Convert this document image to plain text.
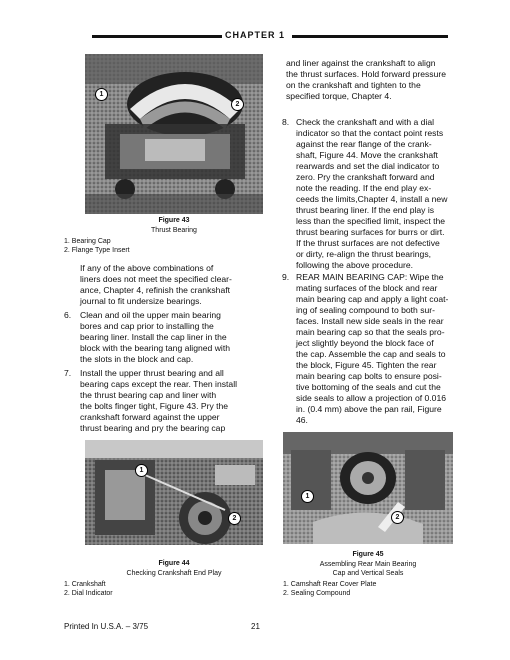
CHAPTER 1
1
2
Figure 43
Thrust Bearing
1. Bearing Cap
2. Flange Type Insert
If any of the above combinations of
liners does not meet the specified clear-
ance, Chapter 4, refinish the crankshaft
journal to fit undersize bearings.
6. Clean and oil the upper main bearing
bores and cap prior to installing the
bearing liner. Install the cap liner in the
block with the bearing tang aligned with
the slots in the block and cap.
7. Install the upper thrust bearing and all
bearing caps except the rear. Then install
the thrust bearing cap and liner with
the bolts finger tight, Figure 43. Pry the
crankshaft forward against the upper
thrust bearing and pry the bearing cap
and liner against the crankshaft to align
the thrust surfaces. Hold forward pressure
on the crankshaft and tighten to the
specified torque, Chapter 4.
8. Check the crankshaft and with a dial
indicator so that the contact point rests
against the rear flange of the crank-
shaft, Figure 44. Move the crankshaft
rearwards and set the dial indicator to
zero. Pry the crankshaft forward and
note the reading. If the end play ex-
ceeds the limits,Chapter 4, install a new
thrust bearing liner. If the end play is
less than the specified limit, inspect the
thrust bearing surfaces for burrs or dirt.
If the thrust surfaces are not defective
or dirty, re-align the thrust bearings,
following the above procedure.
9. REAR MAIN BEARING CAP: Wipe the
mating surfaces of the block and rear
main bearing cap and apply a light coat-
ing of sealing compound to both sur-
faces. Install new side seals in the rear
main bearing cap so that the seals pro-
ject slightly beyond the block face of
the cap. Assemble the cap and seals to
the block, Figure 45. Tighten the rear
main bearing cap bolts to ensure posi-
tive bottoming of the seals and cut the
side seals to allow a projection of 0.016
in. (0.4 mm) above the pan rail, Figure
46.
1
2
Figure 44
Checking Crankshaft End Play
1. Crankshaft
2. Dial Indicator
1
2
Figure 45
Assembling Rear Main Bearing
Cap and Vertical Seals
1. Camshaft Rear Cover Plate
2. Sealing Compound
Printed In U.S.A. – 3/75	21
